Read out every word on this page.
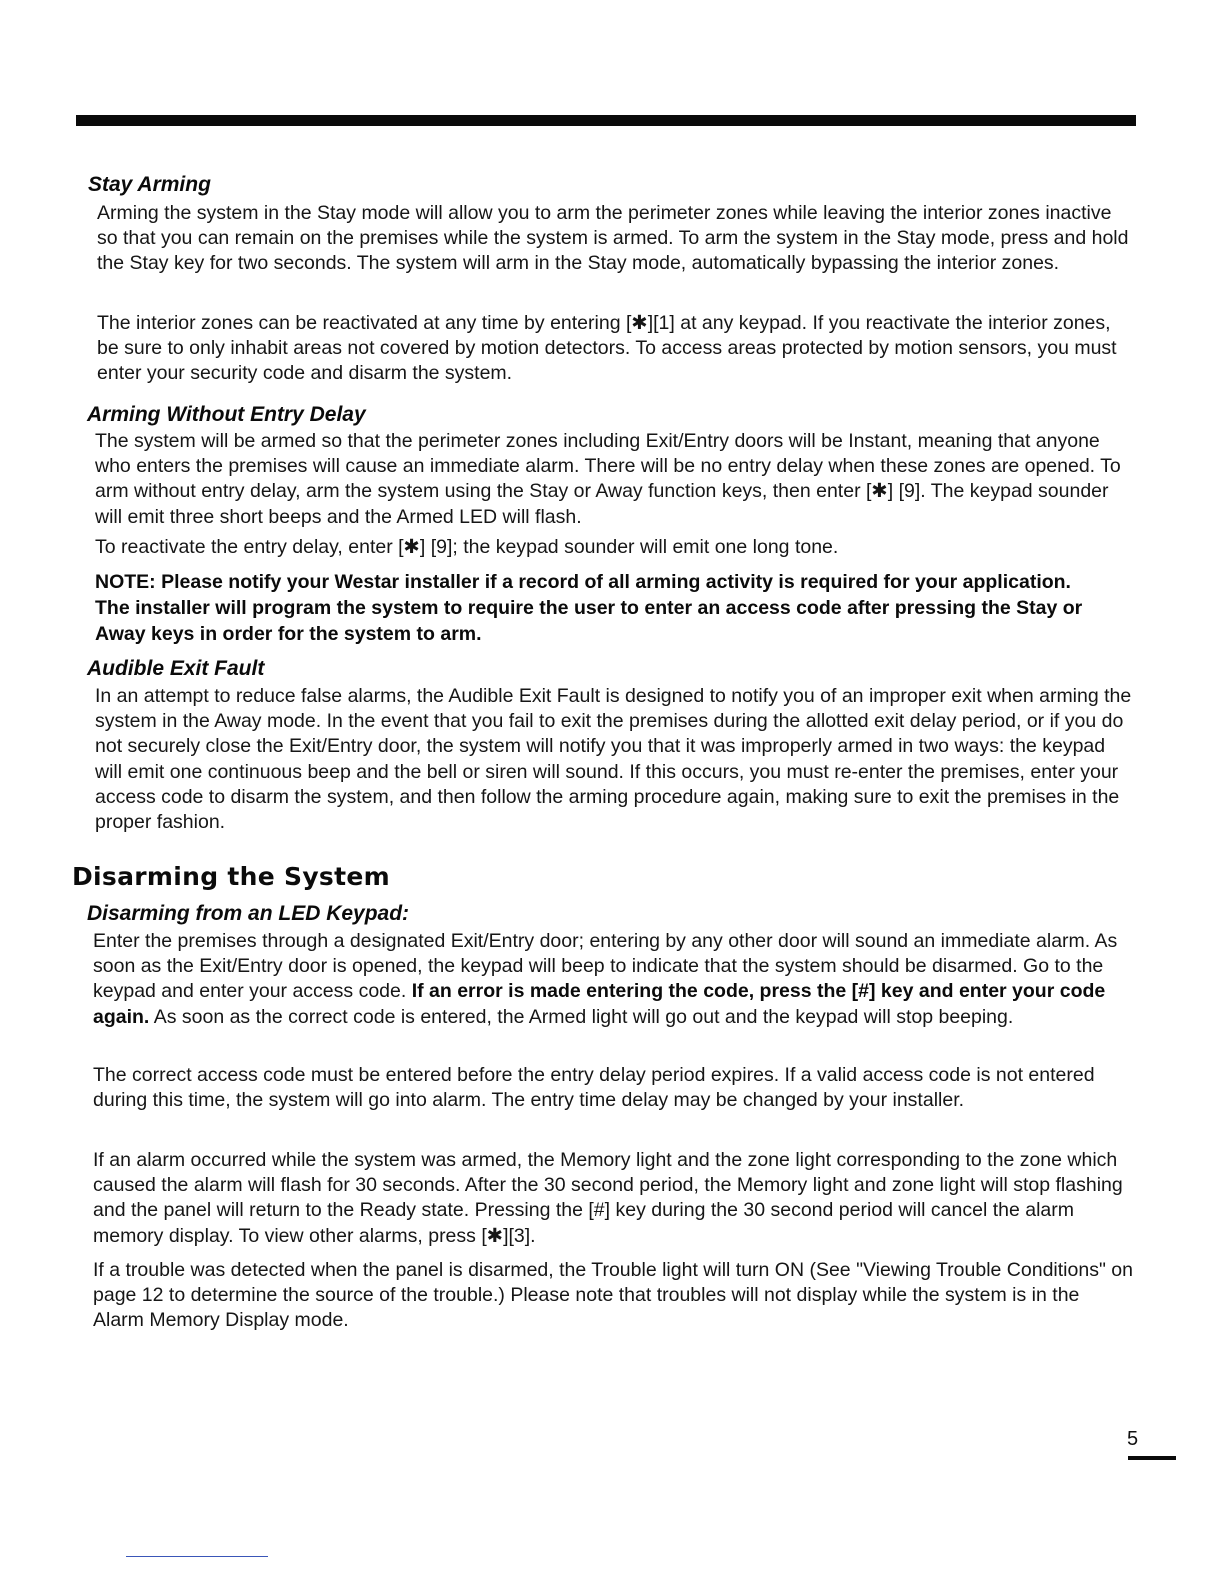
Stay Arming

Arming the system in the Stay mode will allow you to arm the perimeter zones while leaving the interior zones inactive so that you can remain on the premises while the system is armed. To arm the system in the Stay mode, press and hold the Stay key for two seconds. The system will arm in the Stay mode, automatically bypassing the interior zones.

The interior zones can be reactivated at any time by entering [✱][1] at any keypad. If you reactivate the interior zones, be sure to only inhabit areas not covered by motion detectors. To access areas protected by motion sensors, you must enter your security code and disarm the system.

Arming Without Entry Delay

The system will be armed so that the perimeter zones including Exit/Entry doors will be Instant, meaning that anyone who enters the premises will cause an immediate alarm. There will be no entry delay when these zones are opened. To arm without entry delay, arm the system using the Stay or Away function keys, then enter [✱] [9]. The keypad sounder will emit three short beeps and the Armed LED will flash.

To reactivate the entry delay, enter [✱] [9]; the keypad sounder will emit one long tone.

NOTE: Please notify your Westar installer if a record of all arming activity is required for your application. The installer will program the system to require the user to enter an access code after pressing the Stay or Away keys in order for the system to arm.

Audible Exit Fault

In an attempt to reduce false alarms, the Audible Exit Fault is designed to notify you of an improper exit when arming the system in the Away mode. In the event that you fail to exit the premises during the allotted exit delay period, or if you do not securely close the Exit/Entry door, the system will notify you that it was improperly armed in two ways: the keypad will emit one continuous beep and the bell or siren will sound. If this occurs, you must re-enter the premises, enter your access code to disarm the system, and then follow the arming procedure again, making sure to exit the premises in the proper fashion.

Disarming the System
Disarming from an LED Keypad:

Enter the premises through a designated Exit/Entry door; entering by any other door will sound an immediate alarm. As soon as the Exit/Entry door is opened, the keypad will beep to indicate that the system should be disarmed. Go to the keypad and enter your access code. If an error is made entering the code, press the [#] key and enter your code again. As soon as the correct code is entered, the Armed light will go out and the keypad will stop beeping.

The correct access code must be entered before the entry delay period expires. If a valid access code is not entered during this time, the system will go into alarm. The entry time delay may be changed by your installer.

If an alarm occurred while the system was armed, the Memory light and the zone light corresponding to the zone which caused the alarm will flash for 30 seconds. After the 30 second period, the Memory light and zone light will stop flashing and the panel will return to the Ready state. Pressing the [#] key during the 30 second period will cancel the alarm memory display. To view other alarms, press [✱][3].

If a trouble was detected when the panel is disarmed, the Trouble light will turn ON (See "Viewing Trouble Conditions" on page 12 to determine the source of the trouble.) Please note that troubles will not display while the system is in the Alarm Memory Display mode.

5
